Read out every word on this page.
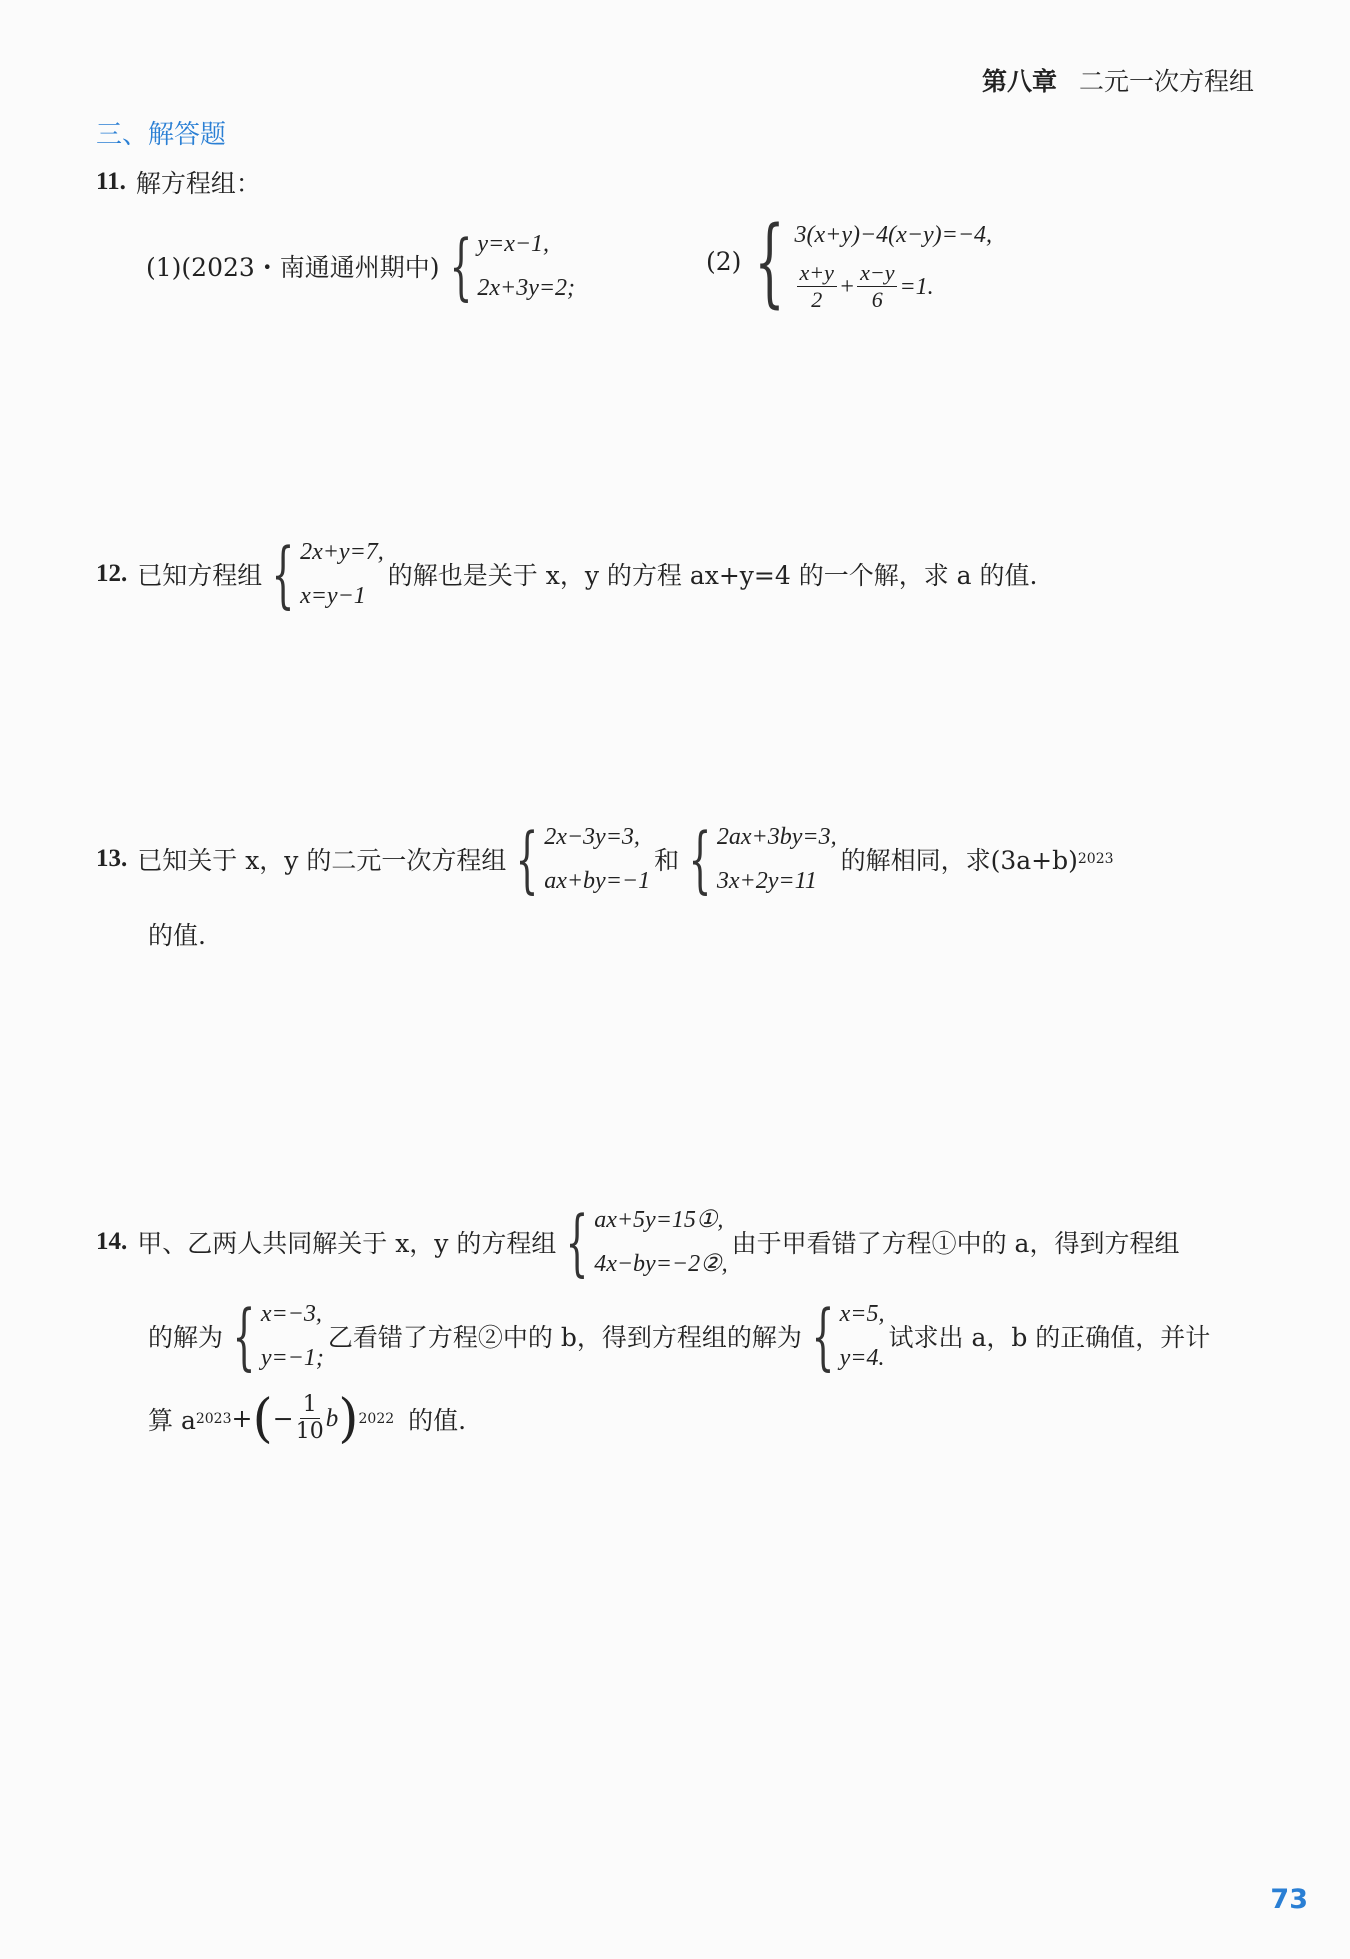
第八章 二元一次方程组
三、解答题
11. 解方程组：
(1)(2023・南通通州期中) { y=x−1,
2x+3y=2;
(2) { 3(x+y)−4(x−y)=−4,
$\frac{x+y}{2} + \frac{x-y}{6} =1$.
12. 已知方程组 { 2x+y=7,
x=y−1
的解也是关于 x，y 的方程 ax+y=4 的一个解，求 a 的值.
13. 已知关于 x，y 的二元一次方程组 { 2x−3y=3,
ax+by=−1
和 { 2ax+3by=3,
3x+2y=11
的解相同，求(3a+b) 2023
的值.
14. 甲、乙两人共同解关于 x，y 的方程组 { ax+5y=15①,
4x−by=−2②,
由于甲看错了方程①中的 a，得到方程组
的解为 { x=−3,
y=−1;
乙看错了方程②中的 b，得到方程组的解为 { x=5,
y=4.
试求出 a，b 的正确值，并计
算 a 2023 + ( − $\frac{1}{10}$ b ) 2022 的值.
73
